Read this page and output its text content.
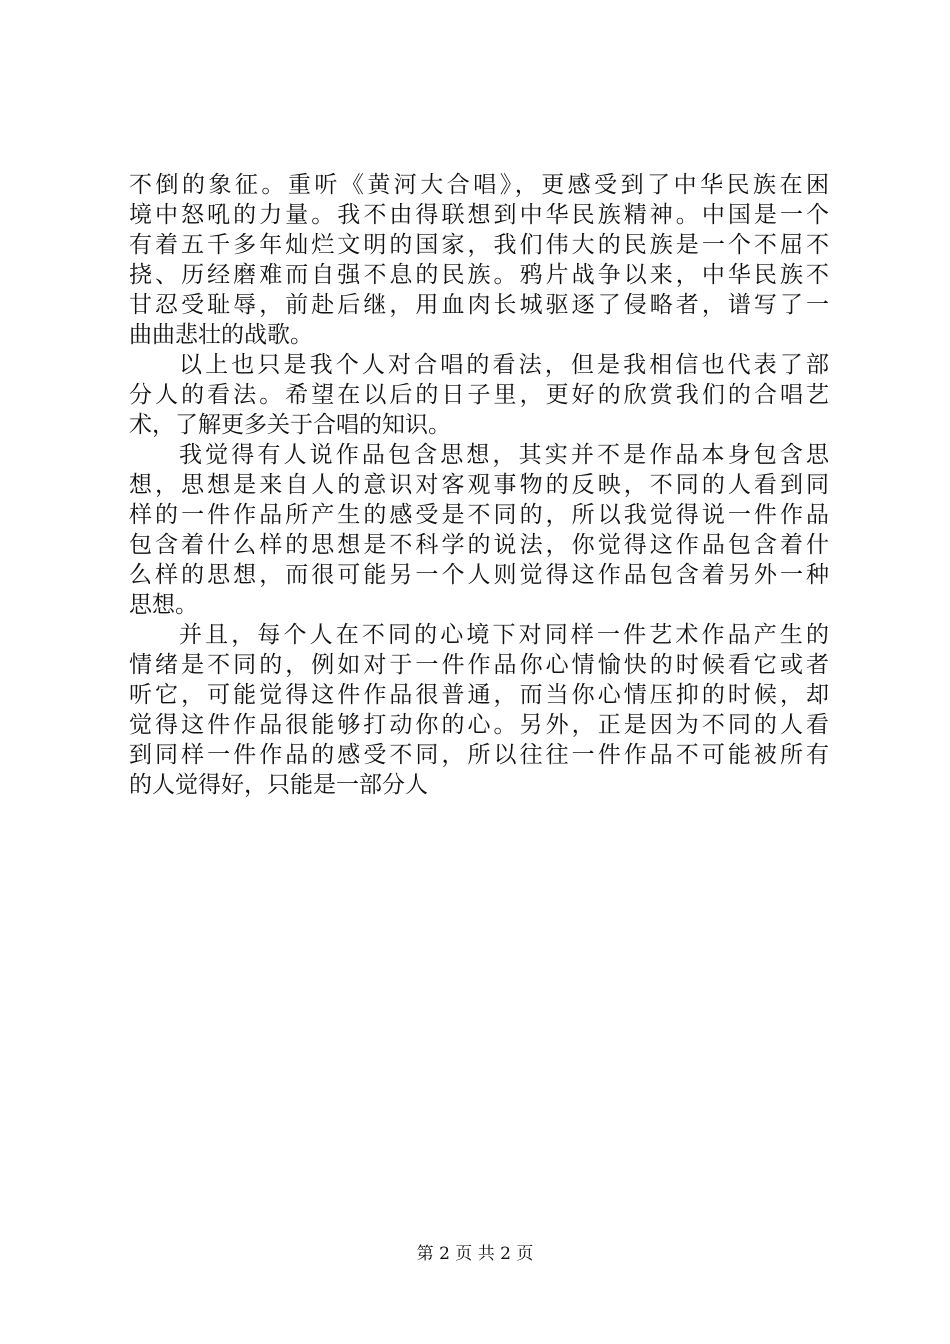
不倒的象征。重听《黄河大合唱》，更感受到了中华民族在困
境中怒吼的力量。我不由得联想到中华民族精神。中国是一个
有着五千多年灿烂文明的国家，我们伟大的民族是一个不屈不
挠、历经磨难而自强不息的民族。鸦片战争以来，中华民族不
甘忍受耻辱，前赴后继，用血肉长城驱逐了侵略者，谱写了一
曲曲悲壮的战歌。
以上也只是我个人对合唱的看法，但是我相信也代表了部
分人的看法。希望在以后的日子里，更好的欣赏我们的合唱艺
术，了解更多关于合唱的知识。
我觉得有人说作品包含思想，其实并不是作品本身包含思
想，思想是来自人的意识对客观事物的反映，不同的人看到同
样的一件作品所产生的感受是不同的，所以我觉得说一件作品
包含着什么样的思想是不科学的说法，你觉得这作品包含着什
么样的思想，而很可能另一个人则觉得这作品包含着另外一种
思想。
并且，每个人在不同的心境下对同样一件艺术作品产生的
情绪是不同的，例如对于一件作品你心情愉快的时候看它或者
听它，可能觉得这件作品很普通，而当你心情压抑的时候，却
觉得这件作品很能够打动你的心。另外，正是因为不同的人看
到同样一件作品的感受不同，所以往往一件作品不可能被所有
的人觉得好，只能是一部分人
第 2 页 共 2 页
